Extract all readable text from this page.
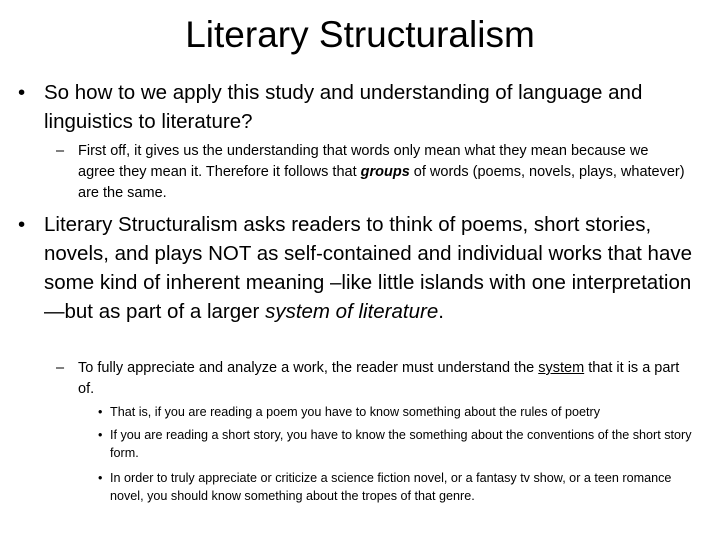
Literary Structuralism
• So how to we apply this study and understanding of language and linguistics to literature?
– First off, it gives us the understanding that words only mean what they mean because we agree they mean it. Therefore it follows that groups of words (poems, novels, plays, whatever) are the same.
• Literary Structuralism asks readers to think of poems, short stories, novels, and plays NOT as self-contained and individual works that have some kind of inherent meaning –like little islands with one interpretation—but as part of a larger system of literature.
– To fully appreciate and analyze a work, the reader must understand the system that it is a part of.
• That is, if you are reading a poem you have to know something about the rules of poetry
• If you are reading a short story, you have to know the something about the conventions of the short story form.
• In order to truly appreciate or criticize a science fiction novel, or a fantasy tv show, or a teen romance novel, you should know something about the tropes of that genre.
